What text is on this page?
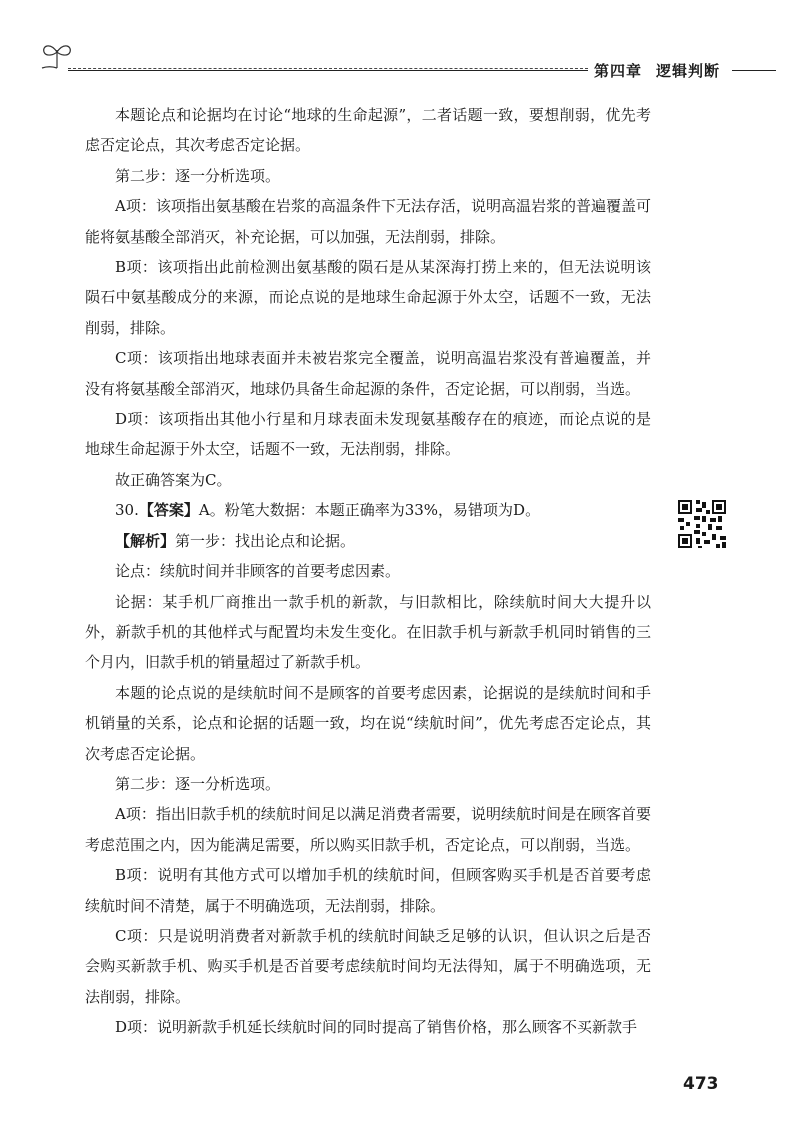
第四章 逻辑判断

本题论点和论据均在讨论“地球的生命起源”，二者话题一致，要想削弱，优先考虑否定论点，其次考虑否定论据。

第二步：逐一分析选项。

A项：该项指出氨基酸在岩浆的高温条件下无法存活，说明高温岩浆的普遍覆盖可能将氨基酸全部消灭，补充论据，可以加强，无法削弱，排除。

B项：该项指出此前检测出氨基酸的陨石是从某深海打捞上来的，但无法说明该陨石中氨基酸成分的来源，而论点说的是地球生命起源于外太空，话题不一致，无法削弱，排除。

C项：该项指出地球表面并未被岩浆完全覆盖，说明高温岩浆没有普遍覆盖，并没有将氨基酸全部消灭，地球仍具备生命起源的条件，否定论据，可以削弱，当选。

D项：该项指出其他小行星和月球表面未发现氨基酸存在的痕迹，而论点说的是地球生命起源于外太空，话题不一致，无法削弱，排除。

故正确答案为C。

30.【答案】A。粉笔大数据：本题正确率为33%，易错项为D。

【解析】第一步：找出论点和论据。

论点：续航时间并非顾客的首要考虑因素。

论据：某手机厂商推出一款手机的新款，与旧款相比，除续航时间大大提升以外，新款手机的其他样式与配置均未发生变化。在旧款手机与新款手机同时销售的三个月内，旧款手机的销量超过了新款手机。

本题的论点说的是续航时间不是顾客的首要考虑因素，论据说的是续航时间和手机销量的关系，论点和论据的话题一致，均在说“续航时间”，优先考虑否定论点，其次考虑否定论据。

第二步：逐一分析选项。

A项：指出旧款手机的续航时间足以满足消费者需要，说明续航时间是在顾客首要考虑范围之内，因为能满足需要，所以购买旧款手机，否定论点，可以削弱，当选。

B项：说明有其他方式可以增加手机的续航时间，但顾客购买手机是否首要考虑续航时间不清楚，属于不明确选项，无法削弱，排除。

C项：只是说明消费者对新款手机的续航时间缺乏足够的认识，但认识之后是否会购买新款手机、购买手机是否首要考虑续航时间均无法得知，属于不明确选项，无法削弱，排除。

D项：说明新款手机延长续航时间的同时提高了销售价格，那么顾客不买新款手

473
